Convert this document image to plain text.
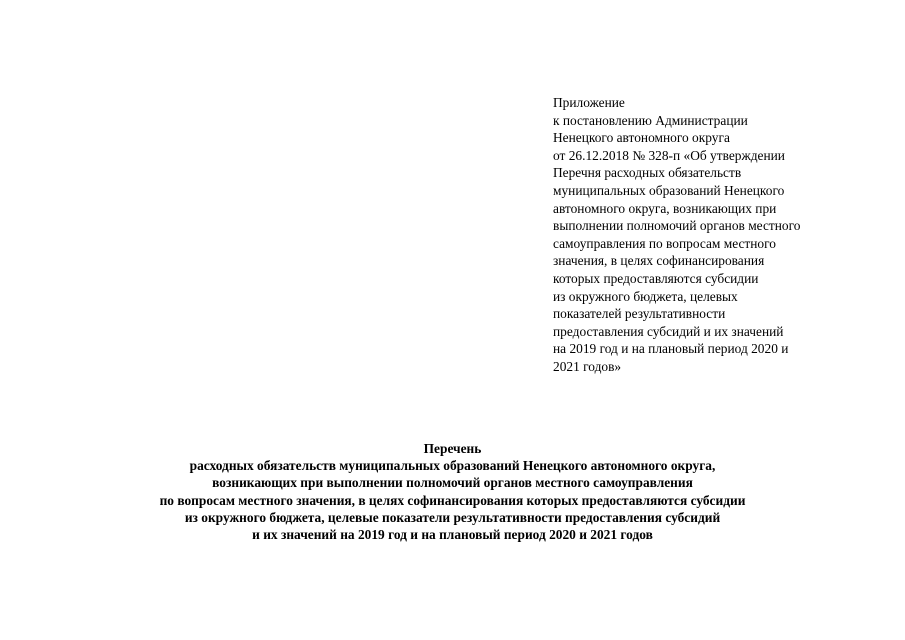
Приложение
к постановлению Администрации
Ненецкого автономного округа
от 26.12.2018 № 328-п «Об утверждении
Перечня расходных обязательств
муниципальных образований Ненецкого
автономного округа, возникающих при
выполнении полномочий органов местного
самоуправления по вопросам местного
значения, в целях софинансирования
которых предоставляются субсидии
из окружного бюджета, целевых
показателей результативности
предоставления субсидий и их значений
на 2019 год и на плановый период 2020 и
2021 годов»
Перечень
расходных обязательств муниципальных образований Ненецкого автономного округа,
возникающих при выполнении полномочий органов местного самоуправления
по вопросам местного значения, в целях софинансирования которых предоставляются субсидии
из окружного бюджета, целевые показатели результативности предоставления субсидий
и их значений на 2019 год и на плановый период 2020 и 2021 годов
